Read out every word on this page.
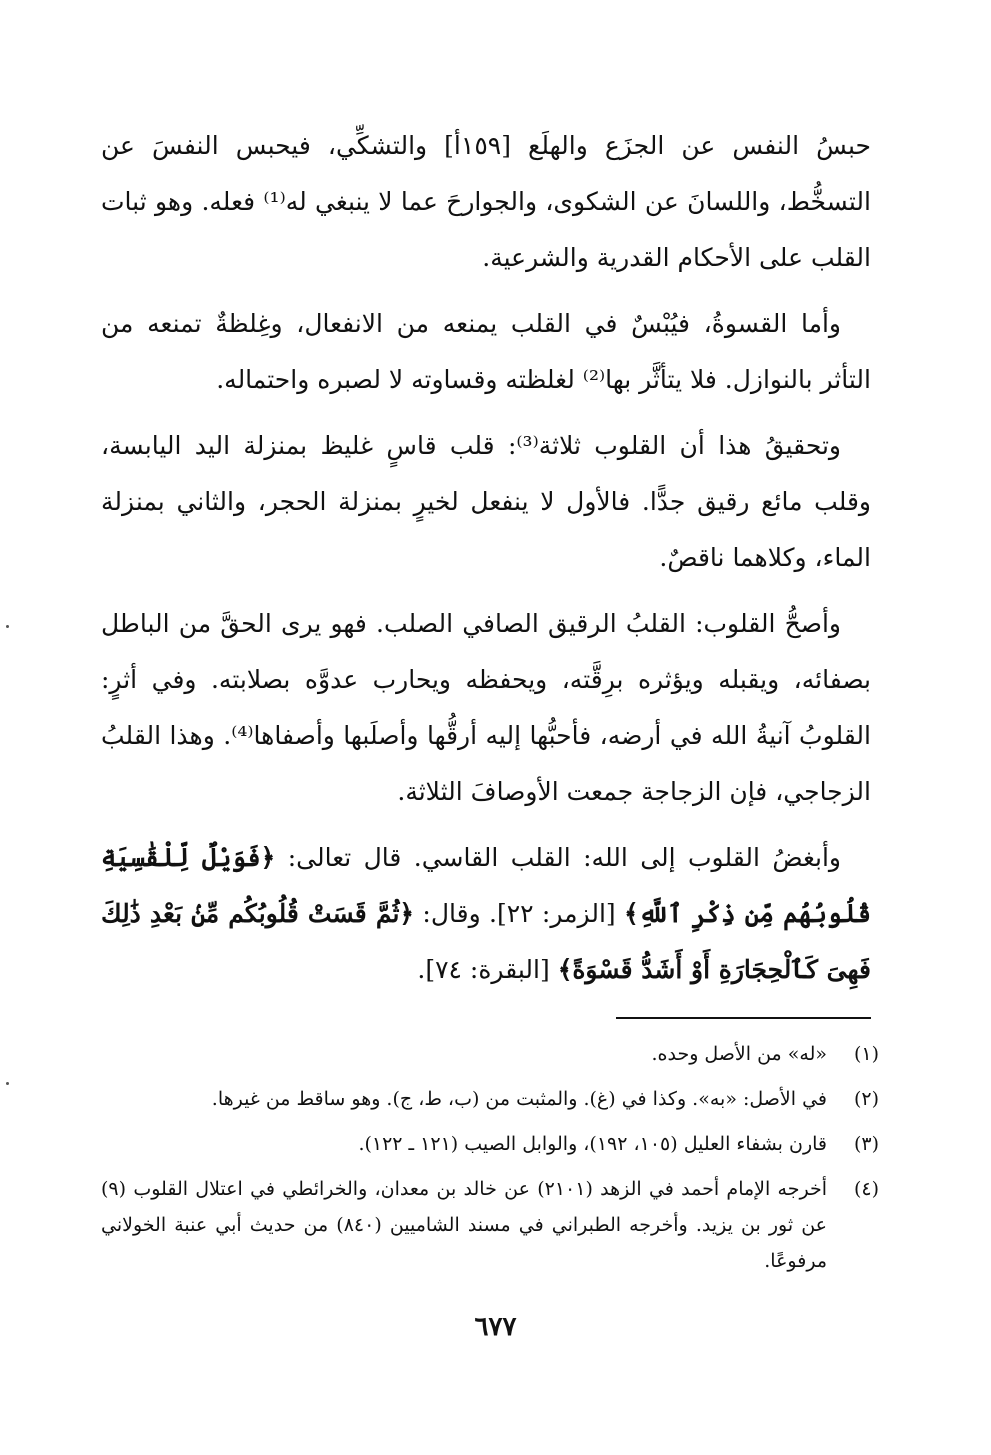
حبسُ النفس عن الجزَع والهلَع [١٥٩أ] والتشكِّي، فيحبس النفسَ عن التسخُّط، واللسانَ عن الشكوى، والجوارحَ عما لا ينبغي له⁽¹⁾ فعله. وهو ثبات القلب على الأحكام القدرية والشرعية.

وأما القسوةُ، فيُبْسٌ في القلب يمنعه من الانفعال، وغِلظةٌ تمنعه من التأثر بالنوازل. فلا يتأثَّر بها⁽²⁾ لغلظته وقساوته لا لصبره واحتماله.

وتحقيقُ هذا أن القلوب ثلاثة⁽³⁾: قلب قاسٍ غليظ بمنزلة اليد اليابسة، وقلب مائع رقيق جدًّا. فالأول لا ينفعل لخيرٍ بمنزلة الحجر، والثاني بمنزلة الماء، وكلاهما ناقصٌ.

وأصحُّ القلوب: القلبُ الرقيق الصافي الصلب. فهو يرى الحقَّ من الباطل بصفائه، ويقبله ويؤثره برِقَّته، ويحفظه ويحارب عدوَّه بصلابته. وفي أثرٍ: القلوبُ آنيةُ الله في أرضه، فأحبُّها إليه أرقُّها وأصلَبها وأصفاها⁽⁴⁾. وهذا القلبُ الزجاجي، فإن الزجاجة جمعت الأوصافَ الثلاثة.

وأبغضُ القلوب إلى الله: القلب القاسي. قال تعالى: ﴿فَوَيْلٌ لِّلْقَٰسِيَةِ قُلُوبُهُم مِّن ذِكْرِ ٱللَّهِ﴾ [الزمر: ٢٢]. وقال: ﴿ثُمَّ قَسَتْ قُلُوبُكُم مِّنۢ بَعْدِ ذَٰلِكَ فَهِىَ كَٱلْحِجَارَةِ أَوْ أَشَدُّ قَسْوَةً﴾ [البقرة: ٧٤].

(١)
«له» من الأصل وحده.
(٢)
في الأصل: «به». وكذا في (غ). والمثبت من (ب، ط، ج). وهو ساقط من غيرها.
(٣)
قارن بشفاء العليل (١٠٥، ١٩٢)، والوابل الصيب (١٢١ ـ ١٢٢).
(٤)
أخرجه الإمام أحمد في الزهد (٢١٠١) عن خالد بن معدان، والخرائطي في اعتلال القلوب (٩) عن ثور بن يزيد. وأخرجه الطبراني في مسند الشاميين (٨٤٠) من حديث أبي عنبة الخولاني مرفوعًا.
٦٧٧
